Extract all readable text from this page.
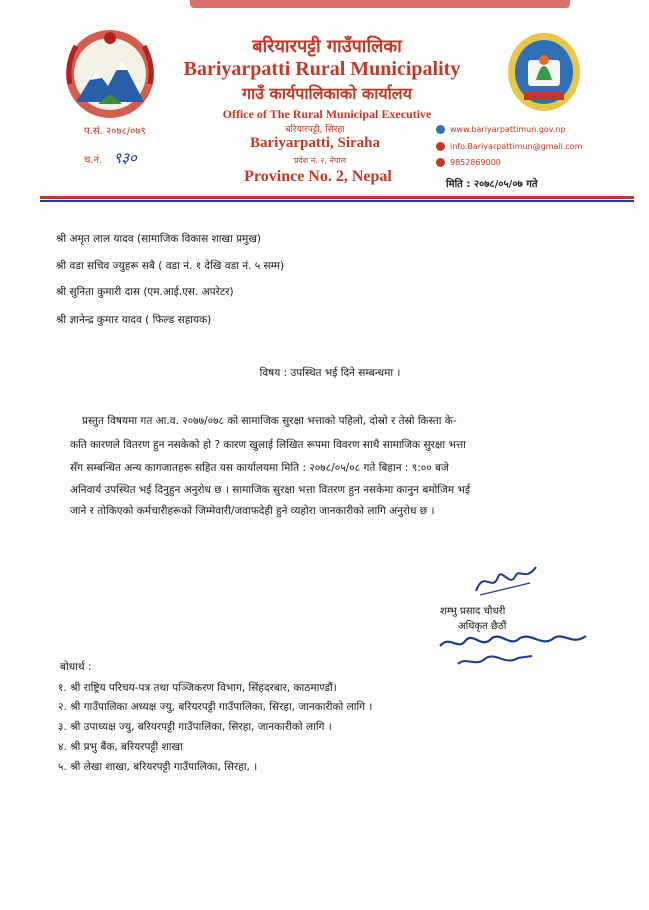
बरियारपट्टी गाउँपालिका
Bariyarpatti Rural Municipality
गाउँ कार्यपालिकाको कार्यालय
Office of The Rural Municipal Executive
बरियारपट्टी, सिरहा
Bariyarpatti, Siraha
प्रदेश नं. २, नेपाल
Province No. 2, Nepal
प.सं. २०७८/०७९
च.नं. ९३०
www.bariyarpattimun.gov.np
info.Bariyarpattimun@gmail.com
9852869000
मिति : २०७८/०५/०७ गते
श्री अमृत लाल यादव (सामाजिक विकास शाखा प्रमुख)
श्री वडा सचिव ज्युहरू सबै ( वडा नं. १ देखि वडा नं. ५ सम्म)
श्री सुनिता कुमारी दास (एम.आई.एस. अपरेटर)
श्री ज्ञानेन्द्र कुमार यादव ( फिल्ड सहायक)
विषय : उपस्थित भई दिने सम्बन्धमा ।
प्रस्तुत विषयमा गत आ.व. २०७७/०७८ को सामाजिक सुरक्षा भत्ताको पहिलो, दोस्रो र तेस्रो किस्ता के-
कति कारणले वितरण हुन नसकेको हो ? कारण खुलाई लिखित रूपमा विवरण साथै सामाजिक सुरक्षा भत्ता
सँग सम्बन्धित अन्य कागजातहरू सहित यस कार्यालयमा मिति : २०७८/०५/०८ गते बिहान : ९:०० बजे
अनिवार्य उपस्थित भई दिनुहुन अनुरोध छ । सामाजिक सुरक्षा भत्ता वितरण हुन नसकेमा कानुन बमोजिम भई
जाने र तोकिएको कर्मचारीहरूको जिम्मेवारी/जवाफदेही हुने व्यहोरा जानकारीको लागि अनुरोध छ ।
शम्भु प्रसाद चौधरी
अधिकृत छैठौं
बोधार्थ :
१. श्री राष्ट्रिय परिचय-पत्र तथा पञ्जिकरण विभाग, सिंहदरबार, काठमाण्डौं।
२. श्री गाउँपालिका अध्यक्ष ज्यु, बरियरपट्टी गाउँपालिका, सिरहा, जानकारीको लागि ।
३. श्री उपाध्यक्ष ज्यु, बरियरपट्टी गाउँपालिका, सिरहा, जानकारीको लागि ।
४. श्री प्रभु बैंक, बरियरपट्टी शाखा
५. श्री लेखा शाखा, बरियरपट्टी गाउँपालिका, सिरहा, ।
